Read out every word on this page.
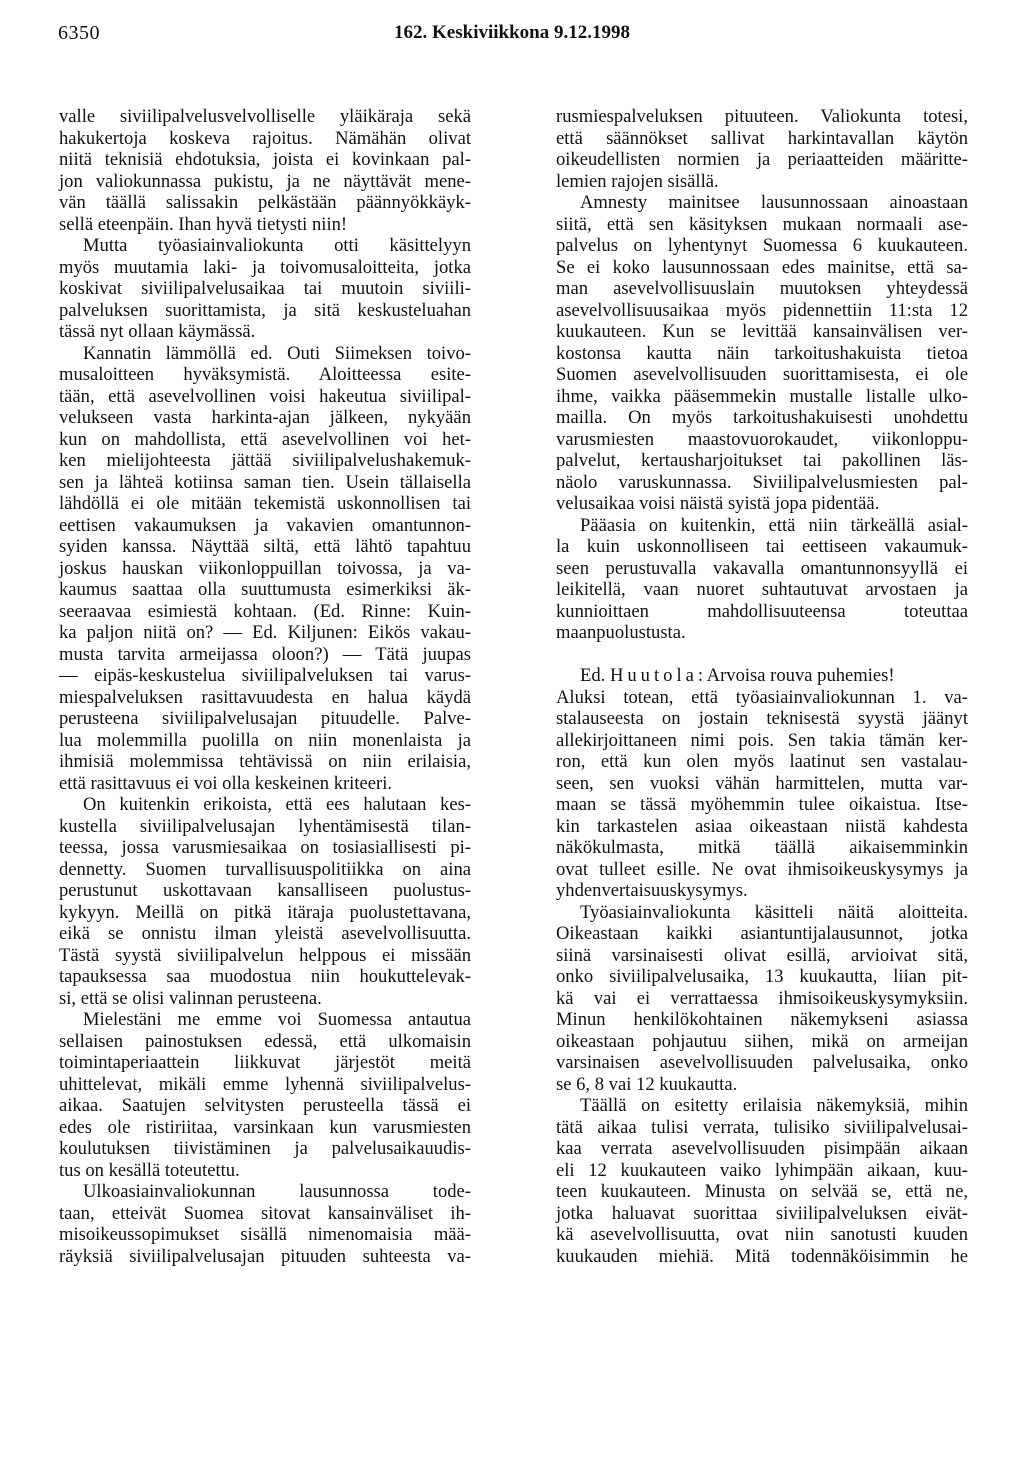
6350	162. Keskiviikkona 9.12.1998
valle siviilipalvelusvelvolliselle yläikäraja sekä
hakukertoja koskeva rajoitus. Nämähän olivat
niitä teknisiä ehdotuksia, joista ei kovinkaan pal-
jon valiokunnassa pukistu, ja ne näyttävät mene-
vän täällä salissakin pelkästään päännyökkäyk-
sellä eteenpäin. Ihan hyvä tietysti niin!
Mutta työasiainvaliokunta otti käsittelyyn
myös muutamia laki- ja toivomusaloitteita, jotka
koskivat siviilipalvelusaikaa tai muutoin siviili-
palveluksen suorittamista, ja sitä keskusteluahan
tässä nyt ollaan käymässä.
Kannatin lämmöllä ed. Outi Siimeksen toivo-
musaloitteen hyväksymistä. Aloitteessa esite-
tään, että asevelvollinen voisi hakeutua siviilipal-
velukseen vasta harkinta-ajan jälkeen, nykyään
kun on mahdollista, että asevelvollinen voi het-
ken mielijohteesta jättää siviilipalvelushakemuk-
sen ja lähteä kotiinsa saman tien. Usein tällaisella
lähdöllä ei ole mitään tekemistä uskonnollisen tai
eettisen vakaumuksen ja vakavien omantunnon-
syiden kanssa. Näyttää siltä, että lähtö tapahtuu
joskus hauskan viikonloppuillan toivossa, ja va-
kaumus saattaa olla suuttumusta esimerkiksi äk-
seeraavaa esimiestä kohtaan. (Ed. Rinne: Kuin-
ka paljon niitä on? — Ed. Kiljunen: Eikös vakau-
musta tarvita armeijassa oloon?) — Tätä juupas
— eipäs-keskustelua siviilipalveluksen tai varus-
miespalveluksen rasittavuudesta en halua käydä
perusteena siviilipalvelusajan pituudelle. Palve-
lua molemmilla puolilla on niin monenlaista ja
ihmisiä molemmissa tehtävissä on niin erilaisia,
että rasittavuus ei voi olla keskeinen kriteeri.
On kuitenkin erikoista, että ees halutaan kes-
kustella siviilipalvelusajan lyhentämisestä tilan-
teessa, jossa varusmiesaikaa on tosiasiallisesti pi-
dennetty. Suomen turvallisuuspolitiikka on aina
perustunut uskottavaan kansalliseen puolustus-
kykyyn. Meillä on pitkä itäraja puolustettavana,
eikä se onnistu ilman yleistä asevelvollisuutta.
Tästä syystä siviilipalvelun helppous ei missään
tapauksessa saa muodostua niin houkuttelevak-
si, että se olisi valinnan perusteena.
Mielestäni me emme voi Suomessa antautua
sellaisen painostuksen edessä, että ulkomaisin
toimintaperiaattein liikkuvat järjestöt meitä
uhittelevat, mikäli emme lyhennä siviilipalvelus-
aikaa. Saatujen selvitysten perusteella tässä ei
edes ole ristiriitaa, varsinkaan kun varusmiesten
koulutuksen tiivistäminen ja palvelusaikauudis-
tus on kesällä toteutettu.
Ulkoasiainvaliokunnan lausunnossa tode-
taan, etteivät Suomea sitovat kansainväliset ih-
misoikeussopimukset sisällä nimenomaisia mää-
räyksiä siviilipalvelusajan pituuden suhteesta va-
rusmiespalveluksen pituuteen. Valiokunta totesi,
että säännökset sallivat harkintavallan käytön
oikeudellisten normien ja periaatteiden määritte-
lemien rajojen sisällä.
Amnesty mainitsee lausunnossaan ainoastaan
siitä, että sen käsityksen mukaan normaali ase-
palvelus on lyhentynyt Suomessa 6 kuukauteen.
Se ei koko lausunnossaan edes mainitse, että sa-
man asevelvollisuuslain muutoksen yhteydessä
asevelvollisuusaikaa myös pidennettiin 11:sta 12
kuukauteen. Kun se levittää kansainvälisen ver-
kostonsa kautta näin tarkoitushakuista tietoa
Suomen asevelvollisuuden suorittamisesta, ei ole
ihme, vaikka pääsemmekin mustalle listalle ulko-
mailla. On myös tarkoitushakuisesti unohdettu
varusmiesten maastovuorokaudet, viikonloppu-
palvelut, kertausharjoitukset tai pakollinen läs-
näolo varuskunnassa. Siviilipalvelusmiesten pal-
velusaikaa voisi näistä syistä jopa pidentää.
Pääasia on kuitenkin, että niin tärkeällä asial-
la kuin uskonnolliseen tai eettiseen vakaumuk-
seen perustuvalla vakavalla omantunnonsyyllä ei
leikitellä, vaan nuoret suhtautuvat arvostaen ja
kunnioittaen mahdollisuuteensa toteuttaa
maanpuolustusta.
Ed. Huutola: Arvoisa rouva puhemies!
Aluksi totean, että työasiainvaliokunnan 1. va-
stalauseesta on jostain teknisestä syystä jäänyt
allekirjoittaneen nimi pois. Sen takia tämän ker-
ron, että kun olen myös laatinut sen vastalau-
seen, sen vuoksi vähän harmittelen, mutta var-
maan se tässä myöhemmin tulee oikaistua. Itse-
kin tarkastelen asiaa oikeastaan niistä kahdesta
näkökulmasta, mitkä täällä aikaisemminkin
ovat tulleet esille. Ne ovat ihmisoikeuskysymys ja
yhdenvertaisuuskysymys.
Työasiainvaliokunta käsitteli näitä aloitteita.
Oikeastaan kaikki asiantuntijalausunnot, jotka
siinä varsinaisesti olivat esillä, arvioivat sitä,
onko siviilipalvelusaika, 13 kuukautta, liian pit-
kä vai ei verrattaessa ihmisoikeuskysymyksiin.
Minun henkilökohtainen näkemykseni asiassa
oikeastaan pohjautuu siihen, mikä on armeijan
varsinaisen asevelvollisuuden palvelusaika, onko
se 6, 8 vai 12 kuukautta.
Täällä on esitetty erilaisia näkemyksiä, mihin
tätä aikaa tulisi verrata, tulisiko siviilipalvelusai-
kaa verrata asevelvollisuuden pisimpään aikaan
eli 12 kuukauteen vaiko lyhimpään aikaan, kuu-
teen kuukauteen. Minusta on selvää se, että ne,
jotka haluavat suorittaa siviilipalveluksen eivät-
kä asevelvollisuutta, ovat niin sanotusti kuuden
kuukauden miehiä. Mitä todennäköisimmin he
